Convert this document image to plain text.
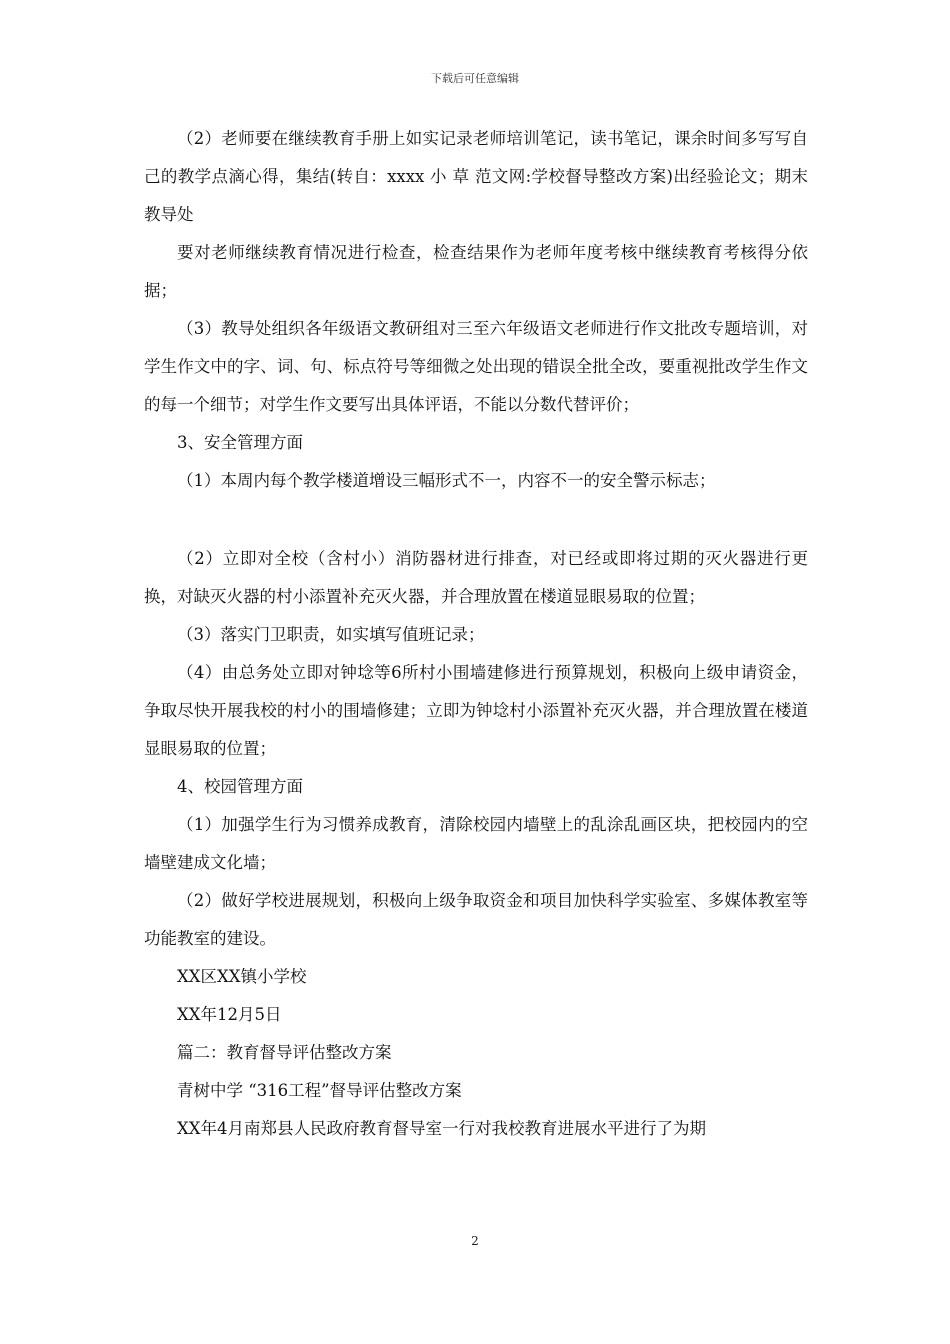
下载后可任意编辑

（2）老师要在继续教育手册上如实记录老师培训笔记，读书笔记，课余时间多写写自己的教学点滴心得，集结(转自：xxxx 小 草 范文网:学校督导整改方案)出经验论文；期末教导处

要对老师继续教育情况进行检查，检查结果作为老师年度考核中继续教育考核得分依据；

（3）教导处组织各年级语文教研组对三至六年级语文老师进行作文批改专题培训，对学生作文中的字、词、句、标点符号等细微之处出现的错误全批全改，要重视批改学生作文的每一个细节；对学生作文要写出具体评语，不能以分数代替评价；

3、安全管理方面

（1）本周内每个教学楼道增设三幅形式不一，内容不一的安全警示标志；

（2）立即对全校（含村小）消防器材进行排查，对已经或即将过期的灭火器进行更换，对缺灭火器的村小添置补充灭火器，并合理放置在楼道显眼易取的位置；

（3）落实门卫职责，如实填写值班记录；

（4）由总务处立即对钟埝等6所村小围墙建修进行预算规划，积极向上级申请资金，争取尽快开展我校的村小的围墙修建；立即为钟埝村小添置补充灭火器，并合理放置在楼道显眼易取的位置；

4、校园管理方面

（1）加强学生行为习惯养成教育，清除校园内墙壁上的乱涂乱画区块，把校园内的空墙壁建成文化墙；

（2）做好学校进展规划，积极向上级争取资金和项目加快科学实验室、多媒体教室等功能教室的建设。

XX区XX镇小学校

XX年12月5日

篇二：教育督导评估整改方案

青树中学 “316工程”督导评估整改方案

XX年4月南郑县人民政府教育督导室一行对我校教育进展水平进行了为期

2
